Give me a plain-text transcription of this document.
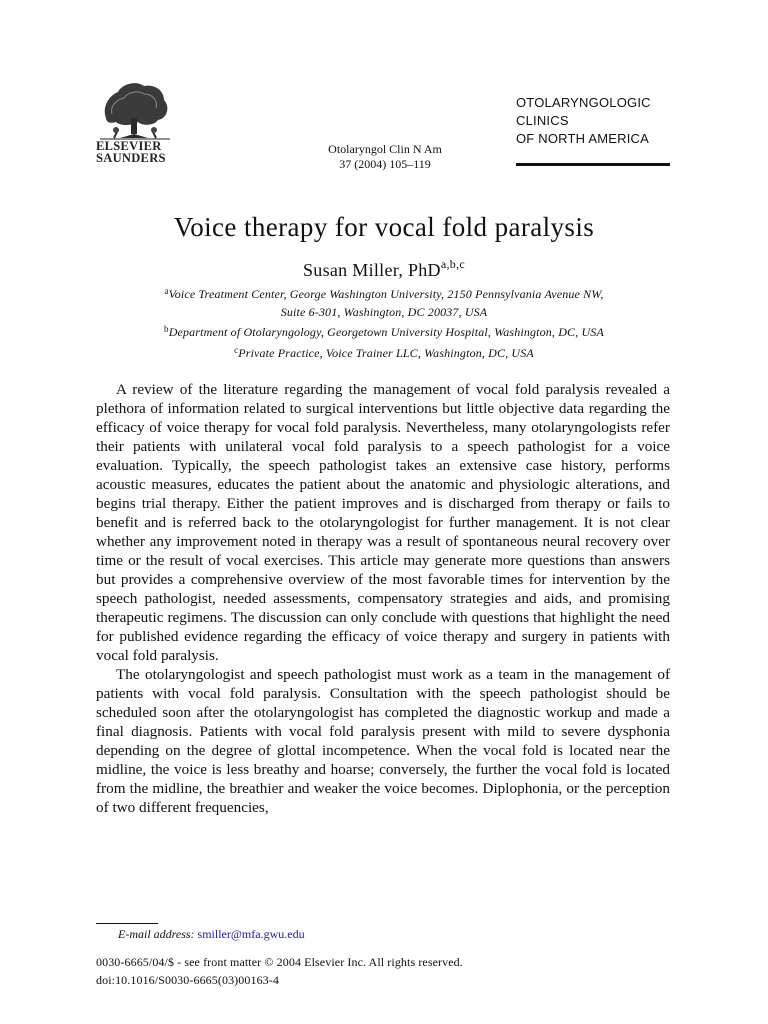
ELSEVIER
SAUNDERS
Otolaryngol Clin N Am
37 (2004) 105–119
OTOLARYNGOLOGIC
CLINICS
OF NORTH AMERICA
Voice therapy for vocal fold paralysis
Susan Miller, PhD$^{a,b,c}$
$^a$Voice Treatment Center, George Washington University, 2150 Pennsylvania Avenue NW,
Suite 6-301, Washington, DC 20037, USA
$^b$Department of Otolaryngology, Georgetown University Hospital, Washington, DC, USA
$^c$Private Practice, Voice Trainer LLC, Washington, DC, USA

A review of the literature regarding the management of vocal fold paralysis revealed a plethora of information related to surgical interventions but little objective data regarding the efficacy of voice therapy for vocal fold paralysis. Nevertheless, many otolaryngologists refer their patients with unilateral vocal fold paralysis to a speech pathologist for a voice evaluation. Typically, the speech pathologist takes an extensive case history, performs acoustic measures, educates the patient about the anatomic and physiologic alterations, and begins trial therapy. Either the patient improves and is discharged from therapy or fails to benefit and is referred back to the otolaryngologist for further management. It is not clear whether any improvement noted in therapy was a result of spontaneous neural recovery over time or the result of vocal exercises. This article may generate more questions than answers but provides a comprehensive overview of the most favorable times for intervention by the speech pathologist, needed assessments, compensatory strategies and aids, and promising therapeutic regimens. The discussion can only conclude with questions that highlight the need for published evidence regarding the efficacy of voice therapy and surgery in patients with vocal fold paralysis.

The otolaryngologist and speech pathologist must work as a team in the management of patients with vocal fold paralysis. Consultation with the speech pathologist should be scheduled soon after the otolaryngologist has completed the diagnostic workup and made a final diagnosis. Patients with vocal fold paralysis present with mild to severe dysphonia depending on the degree of glottal incompetence. When the vocal fold is located near the midline, the voice is less breathy and hoarse; conversely, the further the vocal fold is located from the midline, the breathier and weaker the voice becomes. Diplophonia, or the perception of two different frequencies,

E-mail address: smiller@mfa.gwu.edu
0030-6665/04/$ - see front matter © 2004 Elsevier Inc. All rights reserved.
doi:10.1016/S0030-6665(03)00163-4
